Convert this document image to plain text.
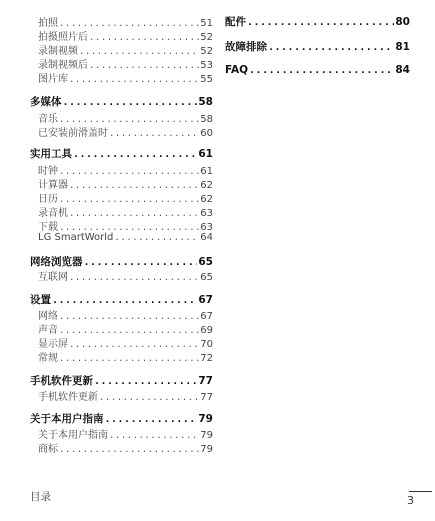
拍照 .....	51
拍摄照片后 .....	52
录制视频 .....	52
录制视频后 .....	53
图片库 .....	55
多媒体 .....	58
音乐 .....	58
已安装前滑盖时 .....	60
实用工具 .....	61
时钟 .....	61
计算器 .....	62
日历 .....	62
录音机 .....	63
下载 .....	63
LG SmartWorld .....	64
网络浏览器 .....	65
互联网 .....	65
设置 .....	67
网络 .....	67
声音 .....	69
显示屏 .....	70
常规 .....	72
手机软件更新 .....	77
手机软件更新 .....	77
关于本用户指南 .....	79
关于本用户指南 .....	79
商标 .....	79
配件 .....	80
故障排除 .....	81
FAQ .....	84
目录	3
